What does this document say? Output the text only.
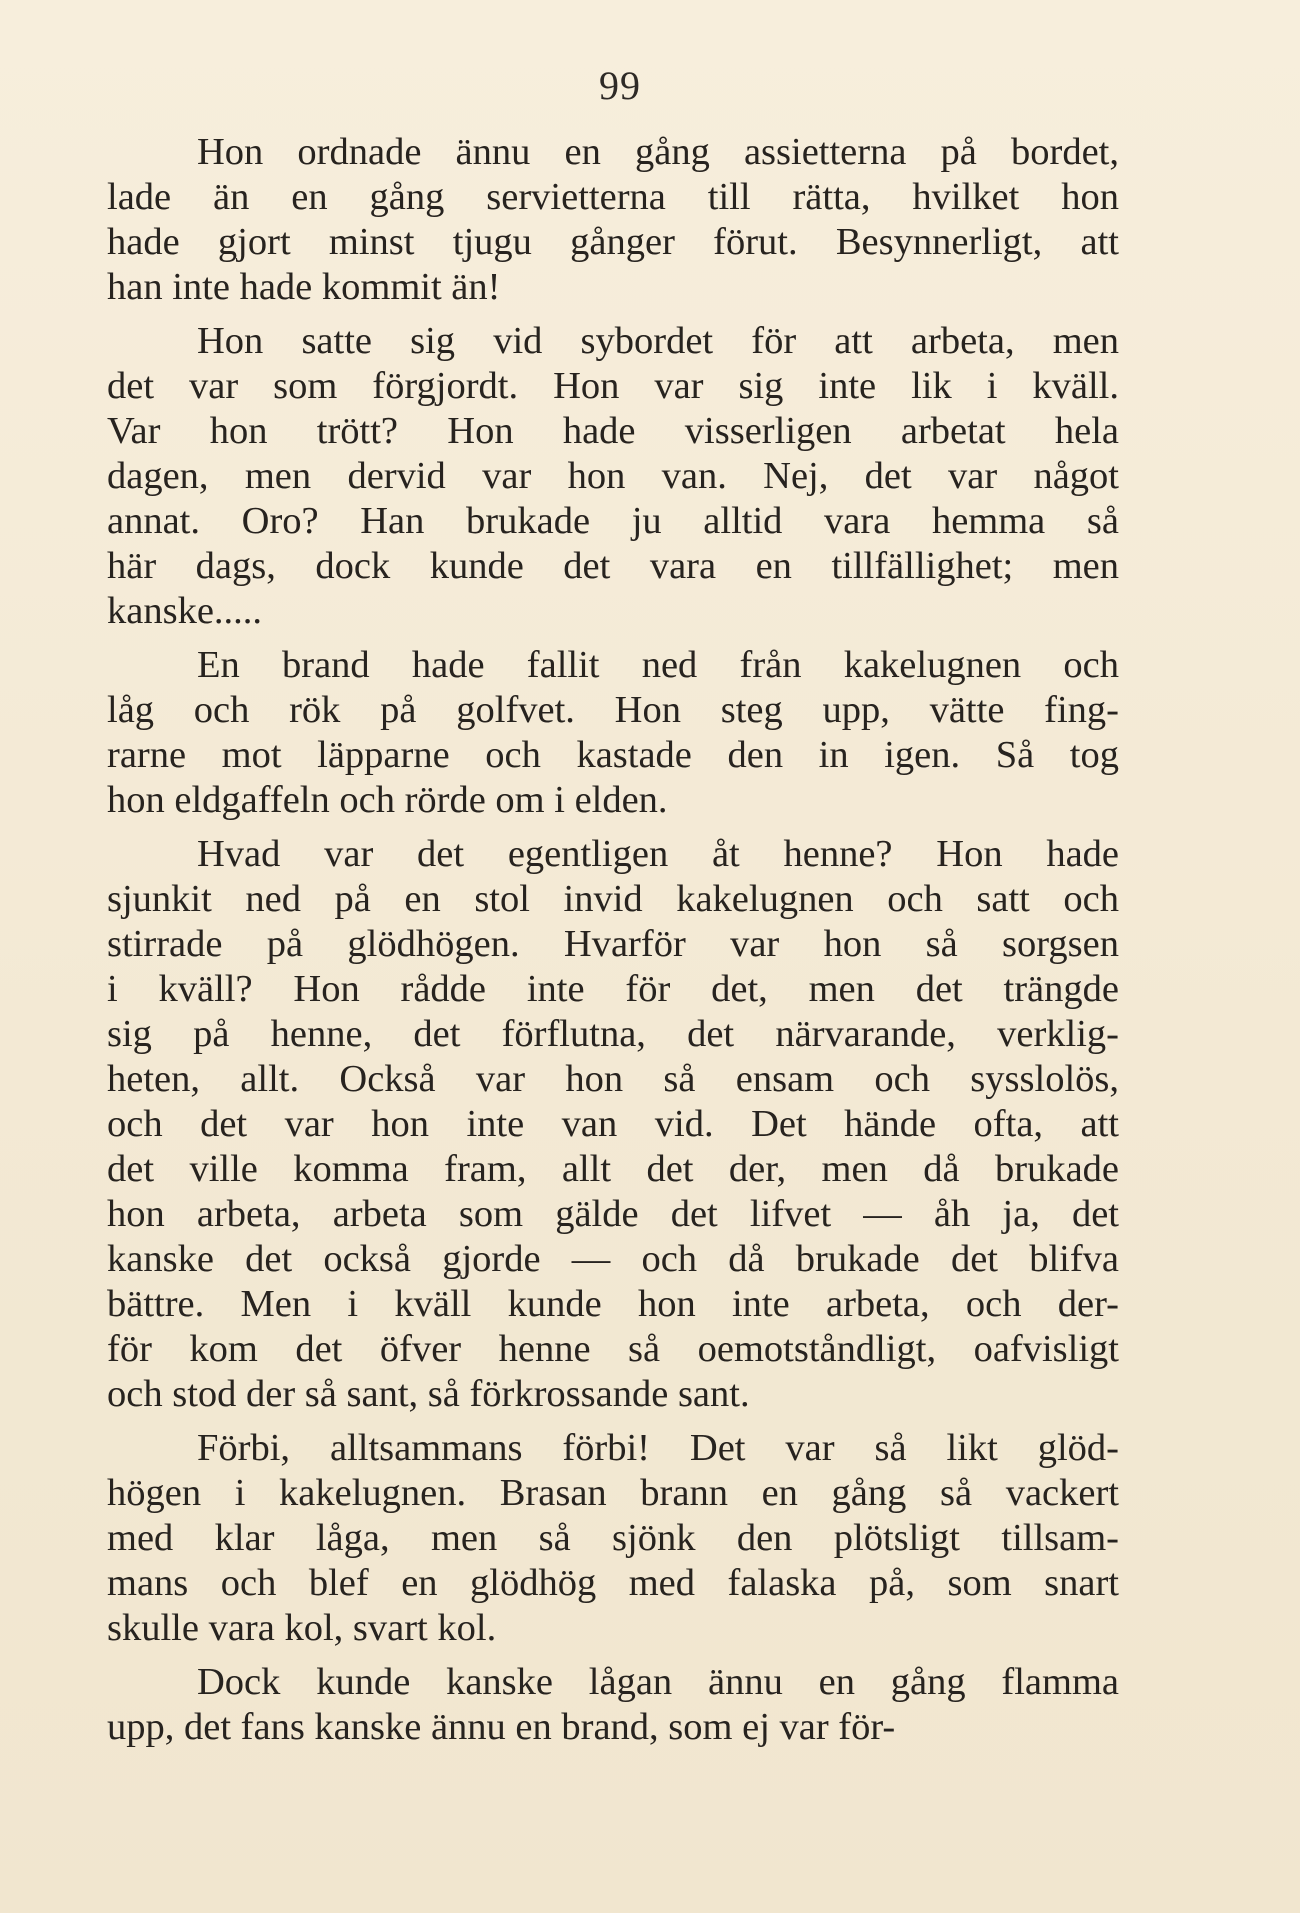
99
Hon ordnade ännu en gång assietterna på bordet,
lade än en gång servietterna till rätta, hvilket hon
hade gjort minst tjugu gånger förut. Besynnerligt, att
han inte hade kommit än!
Hon satte sig vid sybordet för att arbeta, men
det var som förgjordt. Hon var sig inte lik i kväll.
Var hon trött? Hon hade visserligen arbetat hela
dagen, men dervid var hon van. Nej, det var något
annat. Oro? Han brukade ju alltid vara hemma så
här dags, dock kunde det vara en tillfällighet; men
kanske.....
En brand hade fallit ned från kakelugnen och
låg och rök på golfvet. Hon steg upp, vätte fing-
rarne mot läpparne och kastade den in igen. Så tog
hon eldgaffeln och rörde om i elden.
Hvad var det egentligen åt henne? Hon hade
sjunkit ned på en stol invid kakelugnen och satt och
stirrade på glödhögen. Hvarför var hon så sorgsen
i kväll? Hon rådde inte för det, men det trängde
sig på henne, det förflutna, det närvarande, verklig-
heten, allt. Också var hon så ensam och sysslolös,
och det var hon inte van vid. Det hände ofta, att
det ville komma fram, allt det der, men då brukade
hon arbeta, arbeta som gälde det lifvet — åh ja, det
kanske det också gjorde — och då brukade det blifva
bättre. Men i kväll kunde hon inte arbeta, och der-
för kom det öfver henne så oemotståndligt, oafvisligt
och stod der så sant, så förkrossande sant.
Förbi, alltsammans förbi! Det var så likt glöd-
högen i kakelugnen. Brasan brann en gång så vackert
med klar låga, men så sjönk den plötsligt tillsam-
mans och blef en glödhög med falaska på, som snart
skulle vara kol, svart kol.
Dock kunde kanske lågan ännu en gång flamma
upp, det fans kanske ännu en brand, som ej var för-
